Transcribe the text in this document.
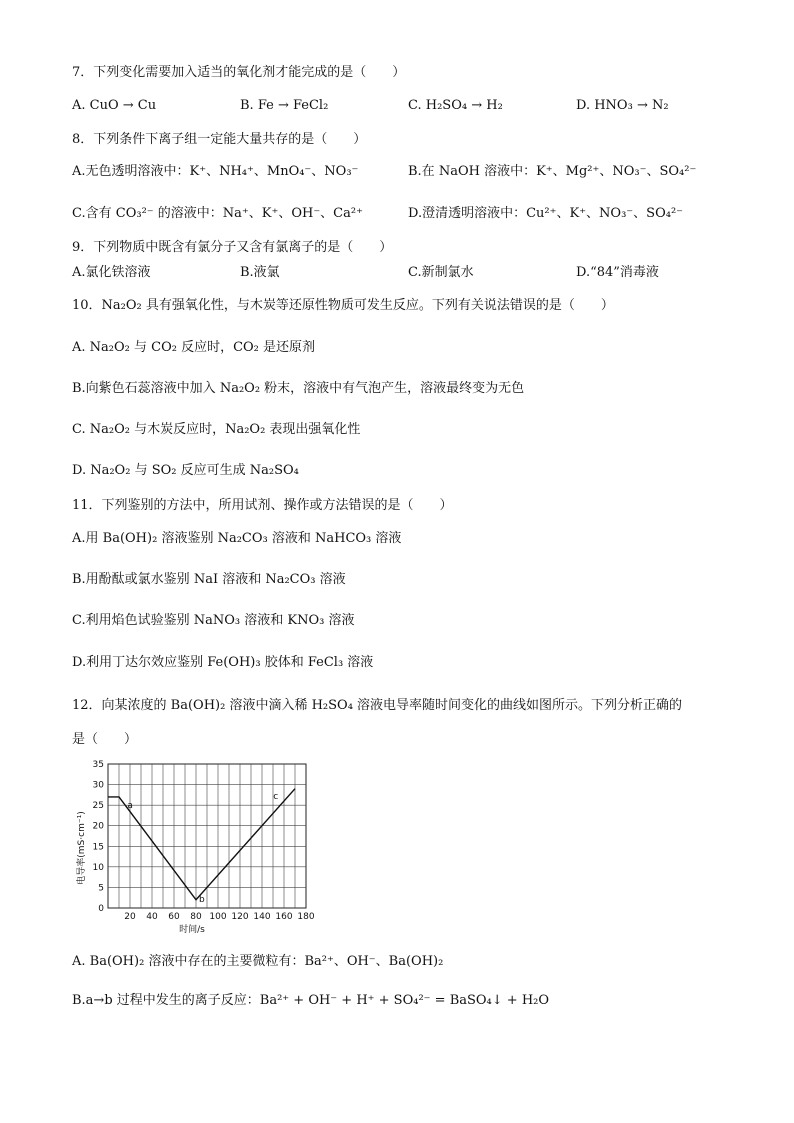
7．下列变化需要加入适当的氧化剂才能完成的是（　　）
A. CuO → Cu	B. Fe → FeCl₂	C. H₂SO₄ → H₂	D. HNO₃ → N₂
8．下列条件下离子组一定能大量共存的是（　　）
A.无色透明溶液中：K⁺、NH₄⁺、MnO₄⁻、NO₃⁻	B.在 NaOH 溶液中：K⁺、Mg²⁺、NO₃⁻、SO₄²⁻
C.含有 CO₃²⁻ 的溶液中：Na⁺、K⁺、OH⁻、Ca²⁺	D.澄清透明溶液中：Cu²⁺、K⁺、NO₃⁻、SO₄²⁻
9．下列物质中既含有氯分子又含有氯离子的是（　　）
A.氯化铁溶液	B.液氯	C.新制氯水	D.“84”消毒液
10．Na₂O₂ 具有强氧化性，与木炭等还原性物质可发生反应。下列有关说法错误的是（　　）
A. Na₂O₂ 与 CO₂ 反应时，CO₂ 是还原剂
B.向紫色石蕊溶液中加入 Na₂O₂ 粉末，溶液中有气泡产生，溶液最终变为无色
C. Na₂O₂ 与木炭反应时，Na₂O₂ 表现出强氧化性
D. Na₂O₂ 与 SO₂ 反应可生成 Na₂SO₄
11．下列鉴别的方法中，所用试剂、操作或方法错误的是（　　）
A.用 Ba(OH)₂ 溶液鉴别 Na₂CO₃ 溶液和 NaHCO₃ 溶液
B.用酚酞或氯水鉴别 NaI 溶液和 Na₂CO₃ 溶液
C.利用焰色试验鉴别 NaNO₃ 溶液和 KNO₃ 溶液
D.利用丁达尔效应鉴别 Fe(OH)₃ 胶体和 FeCl₃ 溶液
12．向某浓度的 Ba(OH)₂ 溶液中滴入稀 H₂SO₄ 溶液电导率随时间变化的曲线如图所示。下列分析正确的
是（　　）
0
5
10
15
20
25
30
35
20 40 60 80 100 120 140 160 180
a
b
c
电导率(mS·cm⁻¹)
时间/s
A. Ba(OH)₂ 溶液中存在的主要微粒有：Ba²⁺、OH⁻、Ba(OH)₂
B.a→b 过程中发生的离子反应：Ba²⁺ + OH⁻ + H⁺ + SO₄²⁻ = BaSO₄↓ + H₂O
